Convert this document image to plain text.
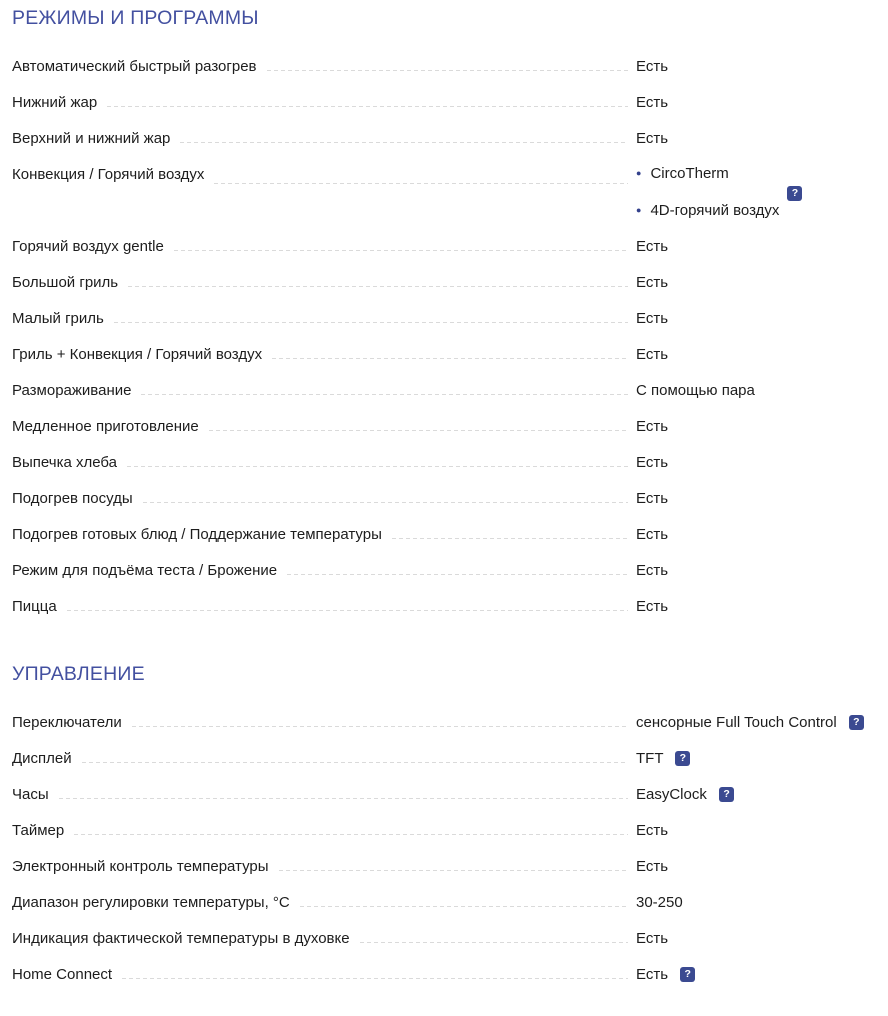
РЕЖИМЫ И ПРОГРАММЫ
Автоматический быстрый разогрев	Есть
Нижний жар	Есть
Верхний и нижний жар	Есть
Конвекция / Горячий воздух	● CircoTherm
● 4D-горячий воздух
?
Горячий воздух gentle	Есть
Большой гриль	Есть
Малый гриль	Есть
Гриль + Конвекция / Горячий воздух	Есть
Размораживание	С помощью пара
Медленное приготовление	Есть
Выпечка хлеба	Есть
Подогрев посуды	Есть
Подогрев готовых блюд / Поддержание температуры	Есть
Режим для подъёма теста / Брожение	Есть
Пицца	Есть
УПРАВЛЕНИЕ
Переключатели	сенсорные Full Touch Control ?
Дисплей	TFT ?
Часы	EasyClock ?
Таймер	Есть
Электронный контроль температуры	Есть
Диапазон регулировки температуры, °С	30-250
Индикация фактической температуры в духовке	Есть
Home Connect	Есть ?
